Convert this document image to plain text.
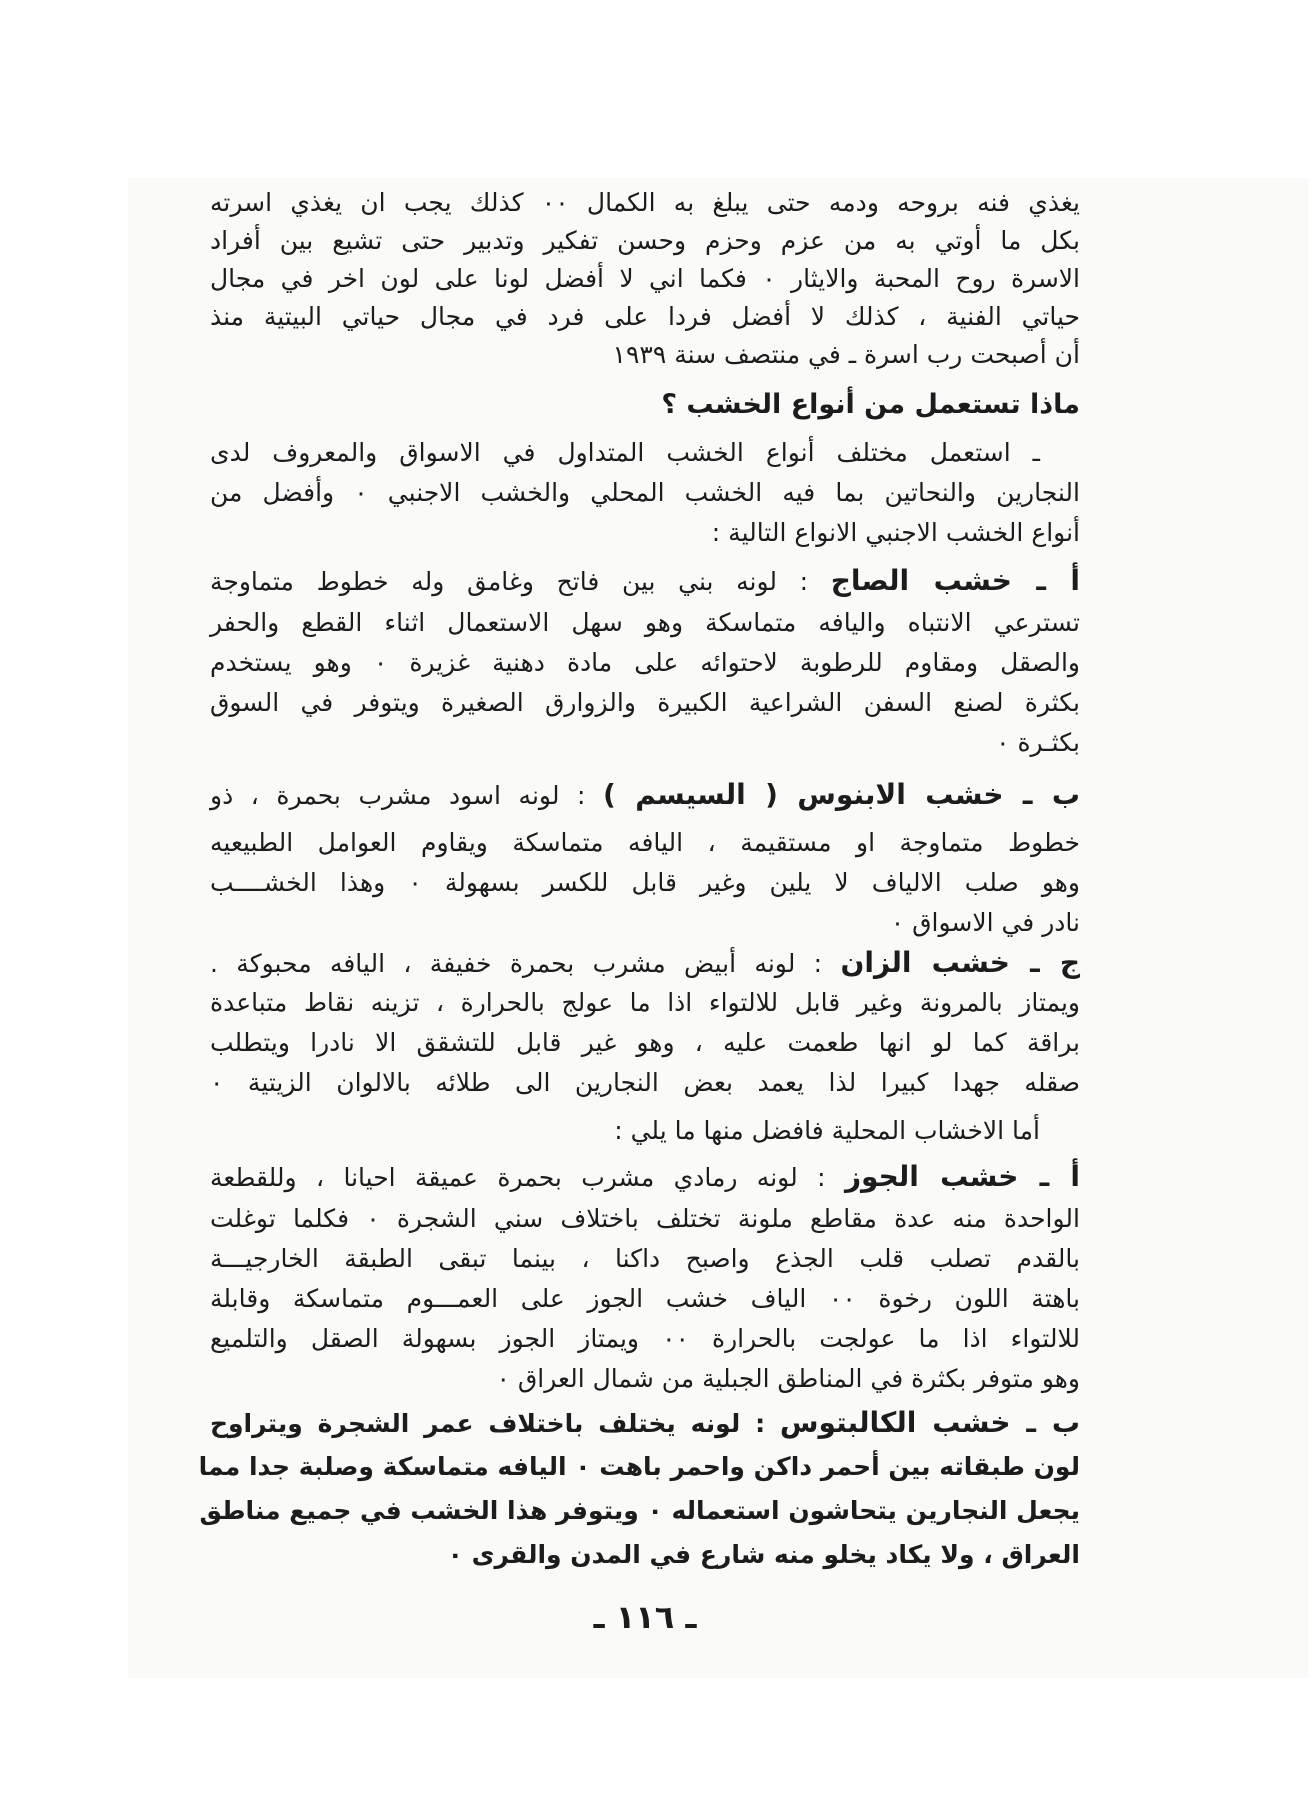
يغذي فنه بروحه ودمه حتى يبلغ به الكمال ٠٠ كذلك يجب ان يغذي اسرته
بكل ما أوتي به من عزم وحزم وحسن تفكير وتدبير حتى تشيع بين أفراد
الاسرة روح المحبة والايثار ٠ فكما اني لا أفضل لونا على لون اخر في مجال
حياتي الفنية ، كذلك لا أفضل فردا على فرد في مجال حياتي البيتية منذ
أن أصبحت رب اسرة ـ في منتصف سنة ١٩٣٩
ماذا تستعمل من أنواع الخشب ؟
ـ استعمل مختلف أنواع الخشب المتداول في الاسواق والمعروف لدى
النجارين والنحاتين بما فيه الخشب المحلي والخشب الاجنبي ٠ وأفضل من
أنواع الخشب الاجنبي الانواع التالية :
أ ـ خشب الصاج : لونه بني بين فاتح وغامق وله خطوط متماوجة
تسترعي الانتباه واليافه متماسكة وهو سهل الاستعمال اثناء القطع والحفر
والصقل ومقاوم للرطوبة لاحتوائه على مادة دهنية غزيرة ٠ وهو يستخدم
بكثرة لصنع السفن الشراعية الكبيرة والزوارق الصغيرة ويتوفر في السوق
بكثـرة ٠
ب ـ خشب الابنوس ( السيسم ) : لونه اسود مشرب بحمرة ، ذو
خطوط متماوجة او مستقيمة ، اليافه متماسكة ويقاوم العوامل الطبيعيه
وهو صلب الالياف لا يلين وغير قابل للكسر بسهولة ٠ وهذا الخشــــب
نادر في الاسواق ٠
ج ـ خشب الزان : لونه أبيض مشرب بحمرة خفيفة ، اليافه محبوكة .
ويمتاز بالمرونة وغير قابل للالتواء اذا ما عولج بالحرارة ، تزينه نقاط متباعدة
براقة كما لو انها طعمت عليه ، وهو غير قابل للتشقق الا نادرا ويتطلب
صقله جهدا كبيرا لذا يعمد بعض النجارين الى طلائه بالالوان الزيتية ٠
أما الاخشاب المحلية فافضل منها ما يلي :
أ ـ خشب الجوز : لونه رمادي مشرب بحمرة عميقة احيانا ، وللقطعة
الواحدة منه عدة مقاطع ملونة تختلف باختلاف سني الشجرة ٠ فكلما توغلت
بالقدم تصلب قلب الجذع واصبح داكنا ، بينما تبقى الطبقة الخارجيـــة
باهتة اللون رخوة ٠٠ الياف خشب الجوز على العمـــوم متماسكة وقابلة
للالتواء اذا ما عولجت بالحرارة ٠٠ ويمتاز الجوز بسهولة الصقل والتلميع
وهو متوفر بكثرة في المناطق الجبلية من شمال العراق ٠
ب ـ خشب الكالبتوس : لونه يختلف باختلاف عمر الشجرة ويتراوح
لون طبقاته بين أحمر داكن واحمر باهت ٠ اليافه متماسكة وصلبة جدا مما
يجعل النجارين يتحاشون استعماله ٠ ويتوفر هذا الخشب في جميع مناطق
العراق ، ولا يكاد يخلو منه شارع في المدن والقرى ٠
ـ ١١٦ ـ
